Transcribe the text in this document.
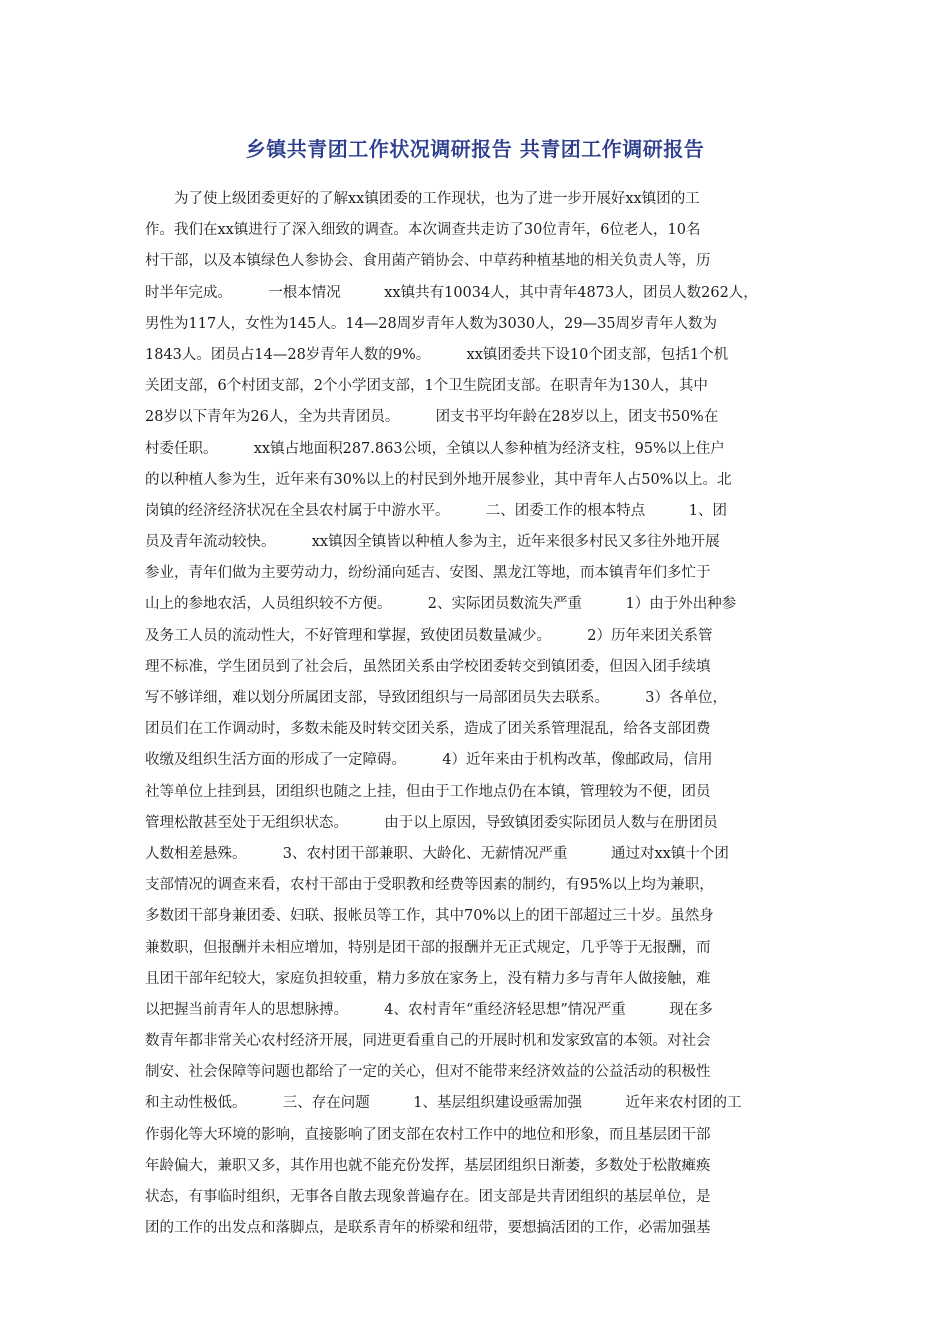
乡镇共青团工作状况调研报告 共青团工作调研报告
　　为了使上级团委更好的了解xx镇团委的工作现状，也为了进一步开展好xx镇团的工
作。我们在xx镇进行了深入细致的调查。本次调查共走访了30位青年，6位老人，10名
村干部，以及本镇绿色人参协会、食用菌产销协会、中草药种植基地的相关负责人等，历
时半年完成。　　　一根本情况　　　xx镇共有10034人，其中青年4873人，团员人数262人，
男性为117人，女性为145人。14—28周岁青年人数为3030人，29—35周岁青年人数为
1843人。团员占14—28岁青年人数的9%。　　　xx镇团委共下设10个团支部，包括1个机
关团支部，6个村团支部，2个小学团支部，1个卫生院团支部。在职青年为130人，其中
28岁以下青年为26人，全为共青团员。　　　团支书平均年龄在28岁以上，团支书50%在
村委任职。　　　xx镇占地面积287.863公顷，全镇以人参种植为经济支柱，95%以上住户
的以种植人参为生，近年来有30%以上的村民到外地开展参业，其中青年人占50%以上。北
岗镇的经济经济状况在全县农村属于中游水平。　　　二、团委工作的根本特点　　　1、团
员及青年流动较快。　　　xx镇因全镇皆以种植人参为主，近年来很多村民又多往外地开展
参业，青年们做为主要劳动力，纷纷涌向延吉、安图、黑龙江等地，而本镇青年们多忙于
山上的参地农活，人员组织较不方便。　　　2、实际团员数流失严重　　　1）由于外出种参
及务工人员的流动性大，不好管理和掌握，致使团员数量减少。　　　2）历年来团关系管
理不标准，学生团员到了社会后，虽然团关系由学校团委转交到镇团委，但因入团手续填
写不够详细，难以划分所属团支部，导致团组织与一局部团员失去联系。　　　3）各单位，
团员们在工作调动时，多数未能及时转交团关系，造成了团关系管理混乱，给各支部团费
收缴及组织生活方面的形成了一定障碍。　　　4）近年来由于机构改革，像邮政局，信用
社等单位上挂到县，团组织也随之上挂，但由于工作地点仍在本镇，管理较为不便，团员
管理松散甚至处于无组织状态。　　　由于以上原因，导致镇团委实际团员人数与在册团员
人数相差悬殊。　　　3、农村团干部兼职、大龄化、无薪情况严重　　　通过对xx镇十个团
支部情况的调查来看，农村干部由于受职教和经费等因素的制约，有95%以上均为兼职，
多数团干部身兼团委、妇联、报帐员等工作，其中70%以上的团干部超过三十岁。虽然身
兼数职，但报酬并未相应增加，特别是团干部的报酬并无正式规定，几乎等于无报酬，而
且团干部年纪较大，家庭负担较重，精力多放在家务上，没有精力多与青年人做接触，难
以把握当前青年人的思想脉搏。　　　4、农村青年“重经济轻思想”情况严重　　　现在多
数青年都非常关心农村经济开展，同进更看重自己的开展时机和发家致富的本领。对社会
制安、社会保障等问题也都给了一定的关心，但对不能带来经济效益的公益活动的积极性
和主动性极低。　　　三、存在问题　　　1、基层组织建设亟需加强　　　近年来农村团的工
作弱化等大环境的影响，直接影响了团支部在农村工作中的地位和形象，而且基层团干部
年龄偏大，兼职又多，其作用也就不能充份发挥，基层团组织日渐萎，多数处于松散瘫痪
状态，有事临时组织，无事各自散去现象普遍存在。团支部是共青团组织的基层单位，是
团的工作的出发点和落脚点，是联系青年的桥梁和纽带，要想搞活团的工作，必需加强基
